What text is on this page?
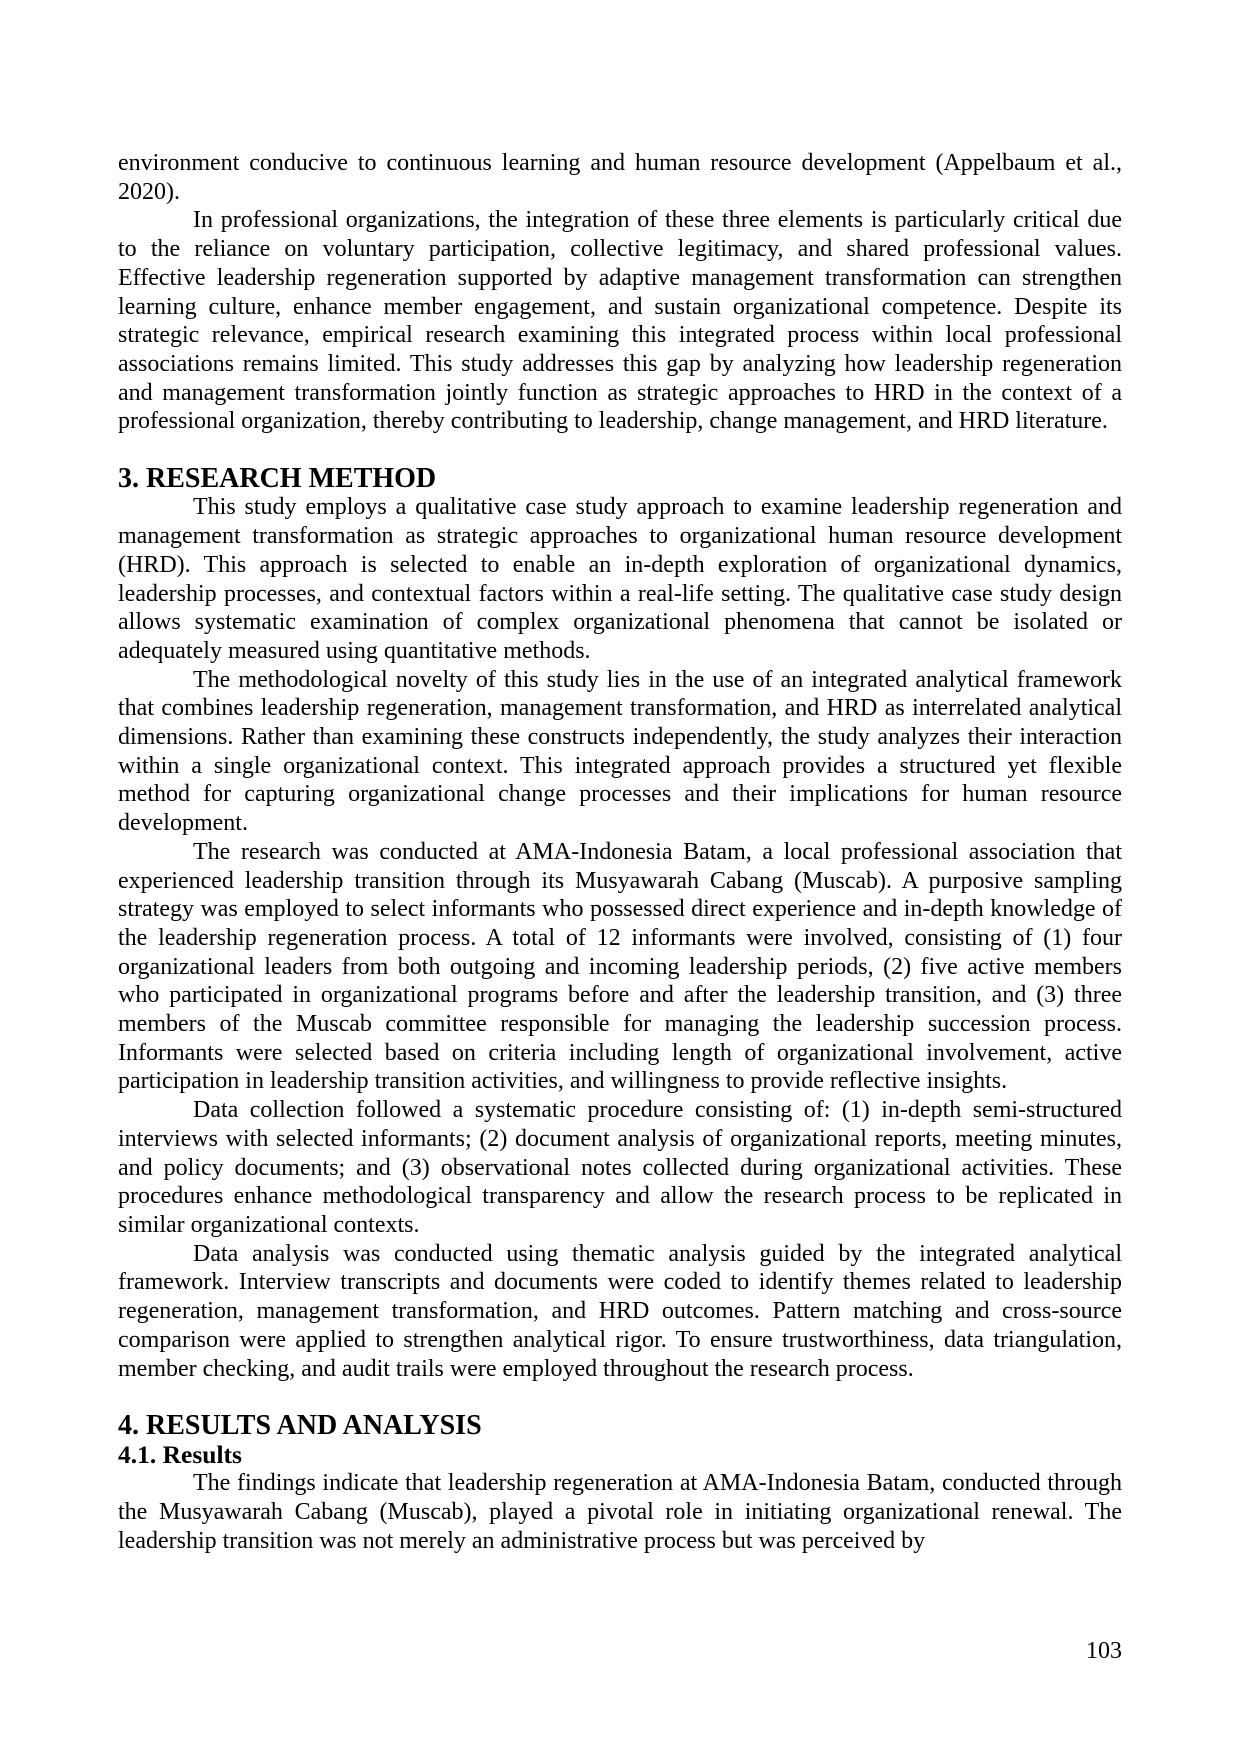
environment conducive to continuous learning and human resource development (Appelbaum et al., 2020).

In professional organizations, the integration of these three elements is particularly critical due to the reliance on voluntary participation, collective legitimacy, and shared professional values. Effective leadership regeneration supported by adaptive management transformation can strengthen learning culture, enhance member engagement, and sustain organizational competence. Despite its strategic relevance, empirical research examining this integrated process within local professional associations remains limited. This study addresses this gap by analyzing how leadership regeneration and management transformation jointly function as strategic approaches to HRD in the context of a professional organization, thereby contributing to leadership, change management, and HRD literature.

3. RESEARCH METHOD

This study employs a qualitative case study approach to examine leadership regeneration and management transformation as strategic approaches to organizational human resource development (HRD). This approach is selected to enable an in-depth exploration of organizational dynamics, leadership processes, and contextual factors within a real-life setting. The qualitative case study design allows systematic examination of complex organizational phenomena that cannot be isolated or adequately measured using quantitative methods.

The methodological novelty of this study lies in the use of an integrated analytical framework that combines leadership regeneration, management transformation, and HRD as interrelated analytical dimensions. Rather than examining these constructs independently, the study analyzes their interaction within a single organizational context. This integrated approach provides a structured yet flexible method for capturing organizational change processes and their implications for human resource development.

The research was conducted at AMA-Indonesia Batam, a local professional association that experienced leadership transition through its Musyawarah Cabang (Muscab). A purposive sampling strategy was employed to select informants who possessed direct experience and in-depth knowledge of the leadership regeneration process. A total of 12 informants were involved, consisting of (1) four organizational leaders from both outgoing and incoming leadership periods, (2) five active members who participated in organizational programs before and after the leadership transition, and (3) three members of the Muscab committee responsible for managing the leadership succession process. Informants were selected based on criteria including length of organizational involvement, active participation in leadership transition activities, and willingness to provide reflective insights.

Data collection followed a systematic procedure consisting of: (1) in-depth semi-structured interviews with selected informants; (2) document analysis of organizational reports, meeting minutes, and policy documents; and (3) observational notes collected during organizational activities. These procedures enhance methodological transparency and allow the research process to be replicated in similar organizational contexts.

Data analysis was conducted using thematic analysis guided by the integrated analytical framework. Interview transcripts and documents were coded to identify themes related to leadership regeneration, management transformation, and HRD outcomes. Pattern matching and cross-source comparison were applied to strengthen analytical rigor. To ensure trustworthiness, data triangulation, member checking, and audit trails were employed throughout the research process.

4. RESULTS AND ANALYSIS
4.1. Results

The findings indicate that leadership regeneration at AMA-Indonesia Batam, conducted through the Musyawarah Cabang (Muscab), played a pivotal role in initiating organizational renewal. The leadership transition was not merely an administrative process but was perceived by

103
